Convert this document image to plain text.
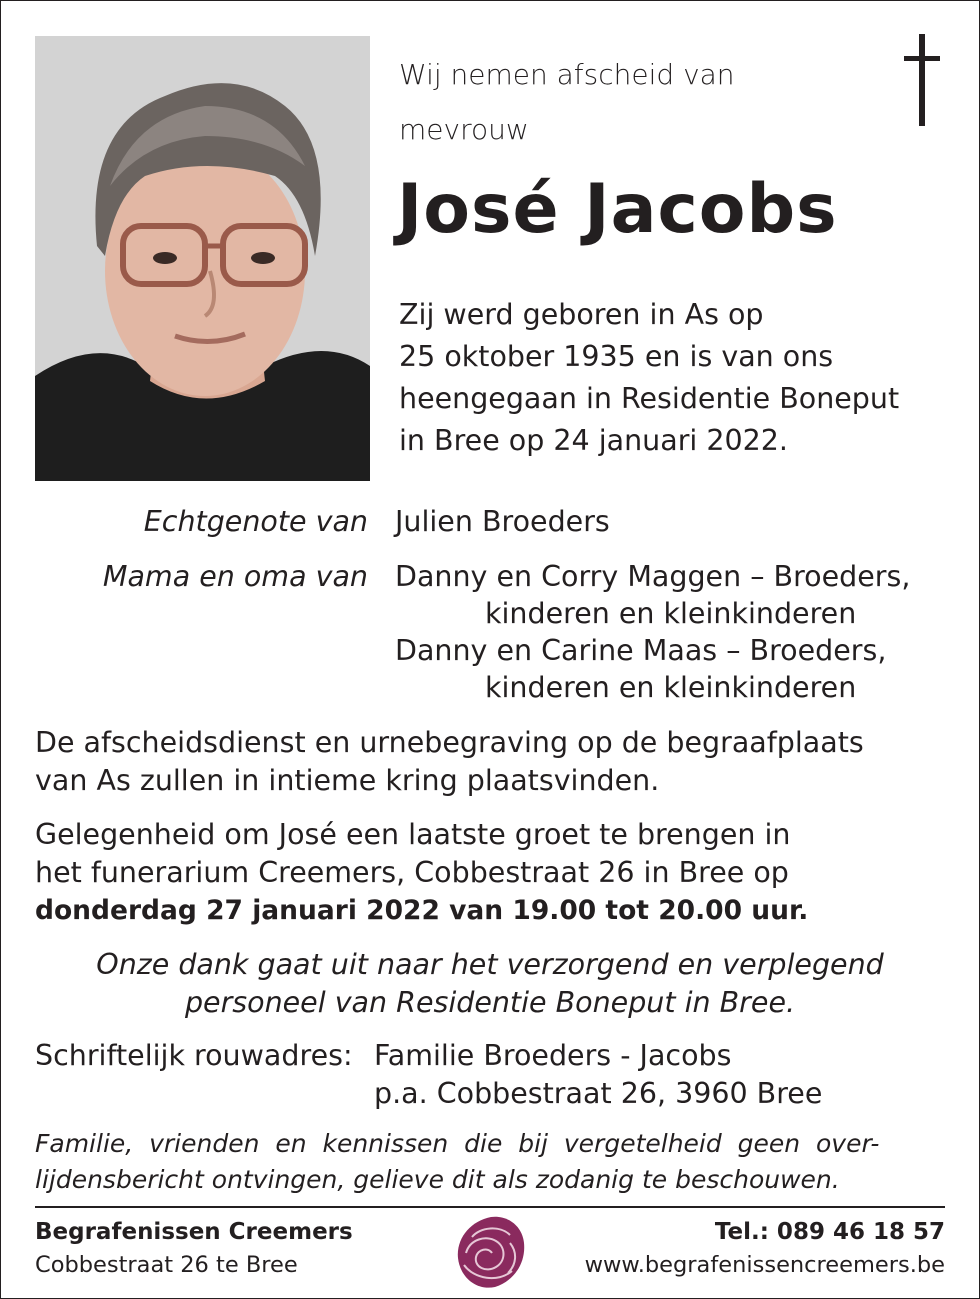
Wij nemen afscheid van
mevrouw
José Jacobs
Zij werd geboren in As op
25 oktober 1935 en is van ons
heengegaan in Residentie Boneput
in Bree op 24 januari 2022.
Echtgenote van Julien Broeders
Mama en oma van Danny en Corry Maggen – Broeders,
kinderen en kleinkinderen
Danny en Carine Maas – Broeders,
kinderen en kleinkinderen
De afscheidsdienst en urnebegraving op de begraafplaats
van As zullen in intieme kring plaatsvinden.
Gelegenheid om José een laatste groet te brengen in
het funerarium Creemers, Cobbestraat 26 in Bree op
donderdag 27 januari 2022 van 19.00 tot 20.00 uur.
Onze dank gaat uit naar het verzorgend en verplegend
personeel van Residentie Boneput in Bree.
Schriftelijk rouwadres: Familie Broeders - Jacobs
p.a. Cobbestraat 26, 3960 Bree
Familie,  vrienden  en  kennissen  die  bij  vergetelheid  geen  over-
lijdensbericht ontvingen, gelieve dit als zodanig te beschouwen.
Begrafenissen Creemers
Cobbestraat 26 te Bree
Tel.: 089 46 18 57
www.begrafenissencreemers.be
